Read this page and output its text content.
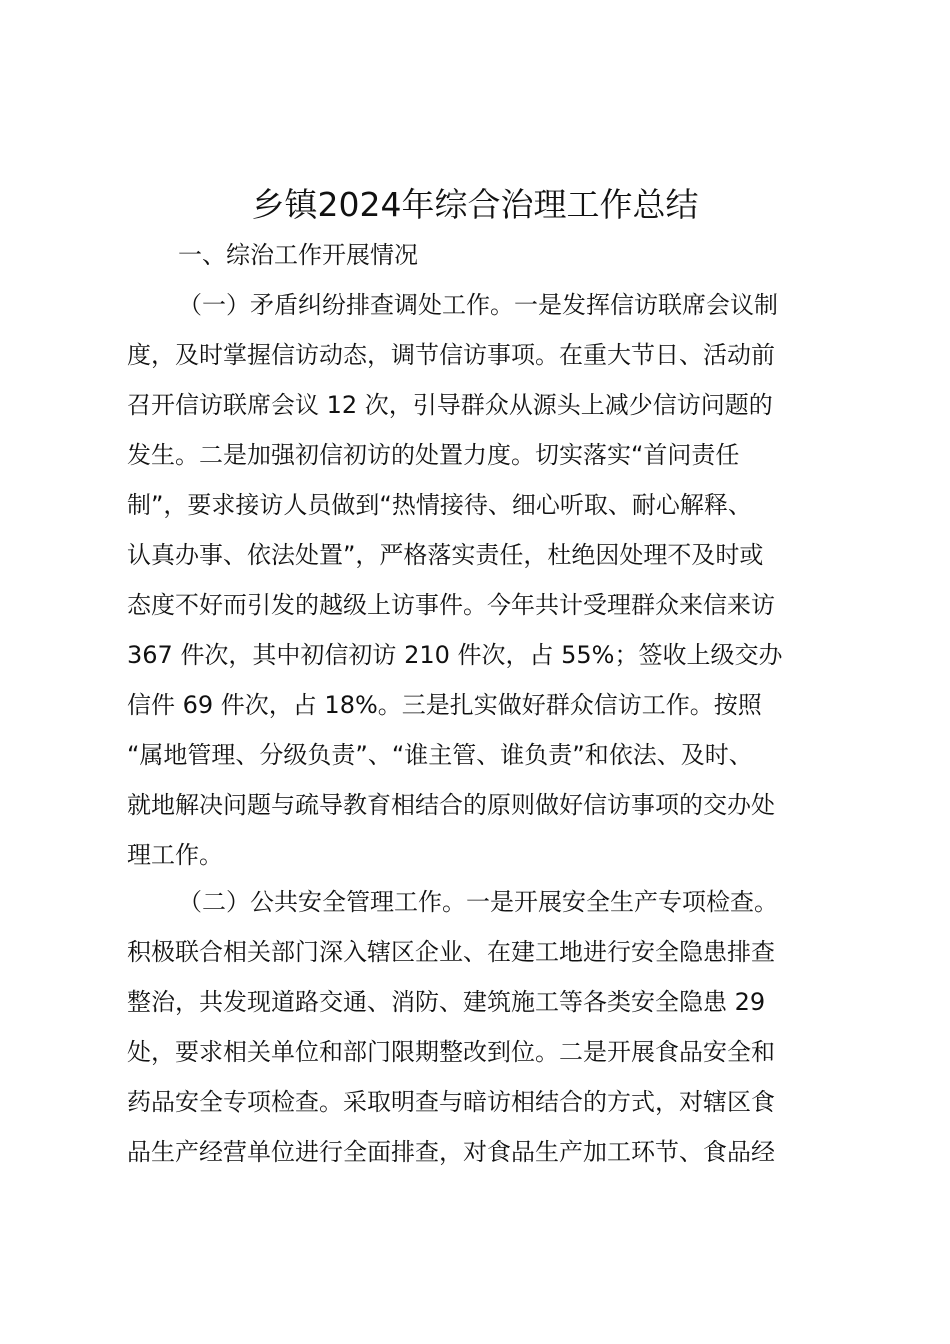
乡镇2024年综合治理工作总结
一、综治工作开展情况
（一）矛盾纠纷排查调处工作。一是发挥信访联席会议制
度，及时掌握信访动态，调节信访事项。在重大节日、活动前
召开信访联席会议 12 次，引导群众从源头上减少信访问题的
发生。二是加强初信初访的处置力度。切实落实“首问责任
制”，要求接访人员做到“热情接待、细心听取、耐心解释、
认真办事、依法处置”，严格落实责任，杜绝因处理不及时或
态度不好而引发的越级上访事件。今年共计受理群众来信来访
367 件次，其中初信初访 210 件次，占 55%；签收上级交办
信件 69 件次，占 18%。三是扎实做好群众信访工作。按照
“属地管理、分级负责”、“谁主管、谁负责”和依法、及时、
就地解决问题与疏导教育相结合的原则做好信访事项的交办处
理工作。
（二）公共安全管理工作。一是开展安全生产专项检查。
积极联合相关部门深入辖区企业、在建工地进行安全隐患排查
整治，共发现道路交通、消防、建筑施工等各类安全隐患 29
处，要求相关单位和部门限期整改到位。二是开展食品安全和
药品安全专项检查。采取明查与暗访相结合的方式，对辖区食
品生产经营单位进行全面排查，对食品生产加工环节、食品经
